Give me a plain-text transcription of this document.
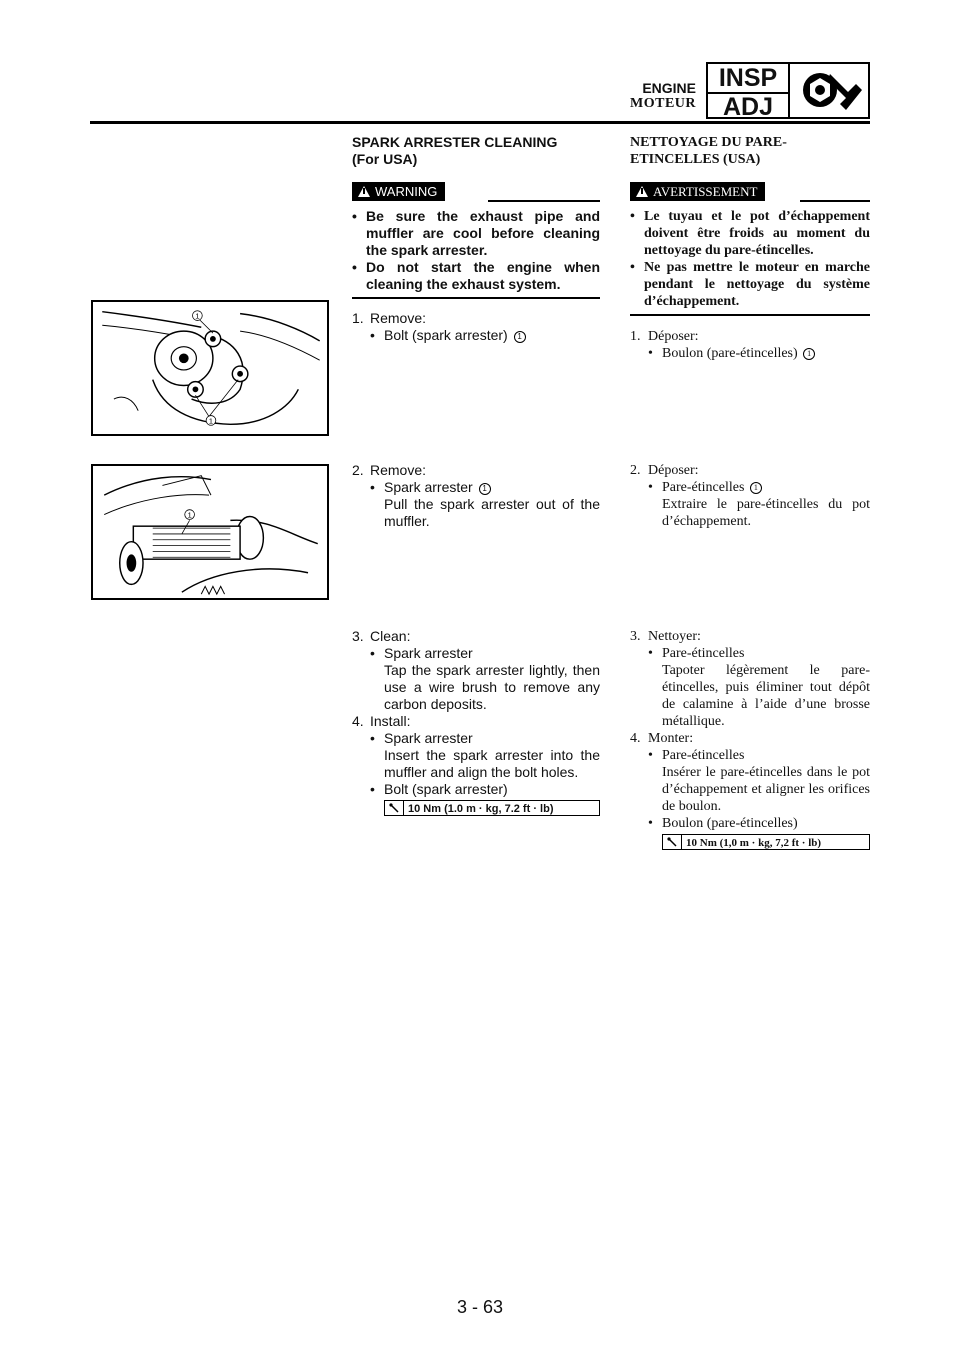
ENGINE
MOTEUR
INSP
ADJ
1
1
1
SPARK ARRESTER CLEANING
(For USA)
WARNING
• Be sure the exhaust pipe and muffler are cool before cleaning the spark arrester.
• Do not start the engine when cleaning the exhaust system.
1. Remove:
• Bolt (spark arrester) 1
2. Remove:
• Spark arrester 1
Pull the spark arrester out of the muffler.
3. Clean:
• Spark arrester
Tap the spark arrester lightly, then use a wire brush to remove any carbon deposits.
4. Install:
• Spark arrester
Insert the spark arrester into the muffler and align the bolt holes.
• Bolt (spark arrester)
10 Nm (1.0 m · kg, 7.2 ft · lb)
NETTOYAGE DU PARE-
ETINCELLES (USA)
AVERTISSEMENT
• Le tuyau et le pot d’échappement doivent être froids au moment du nettoyage du pare-étincelles.
• Ne pas mettre le moteur en marche pendant le nettoyage du système d’échappement.
1. Déposer:
• Boulon (pare-étincelles) 1
2. Déposer:
• Pare-étincelles 1
Extraire le pare-étincelles du pot d’échappement.
3. Nettoyer:
• Pare-étincelles
Tapoter légèrement le pare-étincelles, puis éliminer tout dépôt de calamine à l’aide d’une brosse métallique.
4. Monter:
• Pare-étincelles
Insérer le pare-étincelles dans le pot d’échappement et aligner les orifices de boulon.
• Boulon (pare-étincelles)
10 Nm (1,0 m · kg, 7,2 ft · lb)
3 - 63
